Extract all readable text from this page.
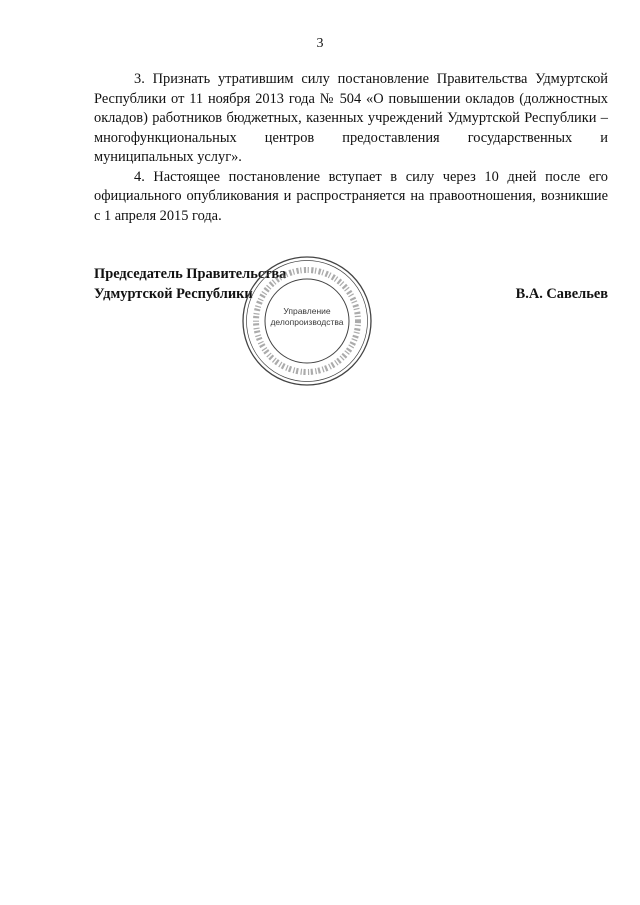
3

3. Признать утратившим силу постановление Правительства Удмуртской Республики от 11 ноября 2013 года № 504 «О повышении окладов (должностных окладов) работников бюджетных, казенных учреждений Удмуртской Республики – многофункциональных центров предоставления государственных и муниципальных услуг».

4. Настоящее постановление вступает в силу через 10 дней после его официального опубликования и распространяется на правоотношения, возникшие с 1 апреля 2015 года.

Председатель Правительства
Удмуртской Республики	В.А. Савельев
Управление
делопроизводства
